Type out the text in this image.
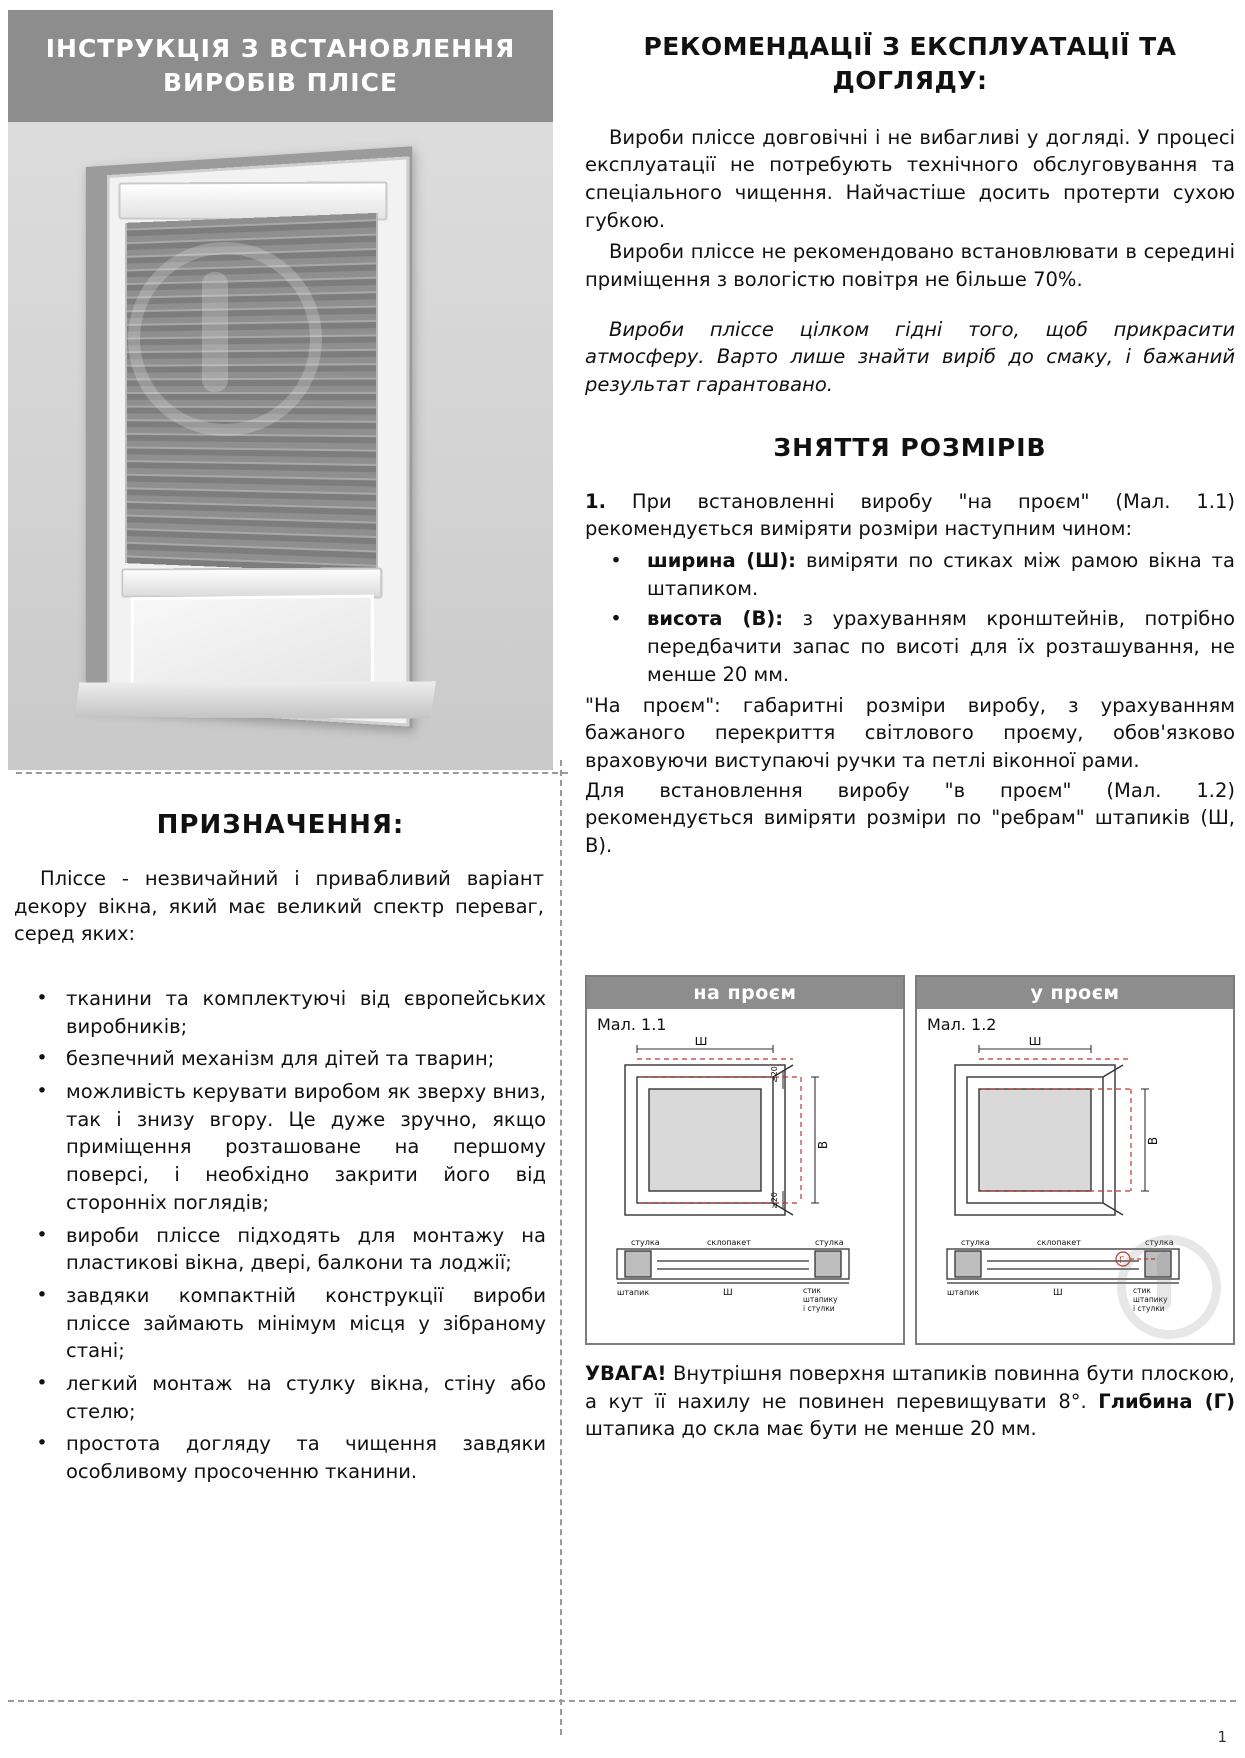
ІНСТРУКЦІЯ З ВСТАНОВЛЕННЯ ВИРОБІВ ПЛІСЕ
ПРИЗНАЧЕННЯ:
Пліссе - незвичайний і привабливий варіант декору вікна, який має великий спектр переваг, серед яких:
• тканини та комплектуючі від європейських виробників;
• безпечний механізм для дітей та тварин;
• можливість керувати виробом як зверху вниз, так і знизу вгору. Це дуже зручно, якщо приміщення розташоване на першому поверсі, і необхідно закрити його від сторонніх поглядів;
• вироби пліссе підходять для монтажу на пластикові вікна, двері, балкони та лоджії;
• завдяки компактній конструкції вироби пліссе займають мінімум місця у зібраному стані;
• легкий монтаж на стулку вікна, стіну або стелю;
• простота догляду та чищення завдяки особливому просоченню тканини.
РЕКОМЕНДАЦІЇ З ЕКСПЛУАТАЦІЇ ТА ДОГЛЯДУ:
Вироби пліссе довговічні і не вибагливі у догляді. У процесі експлуатації не потребують технічного обслуговування та спеціального чищення. Найчастіше досить протерти сухою губкою.
Вироби пліссе не рекомендовано встановлювати в середині приміщення з вологістю повітря не більше 70%.
Вироби пліссе цілком гідні того, щоб прикрасити атмосферу. Варто лише знайти виріб до смаку, і бажаний результат гарантовано.
ЗНЯТТЯ РОЗМІРІВ
1. При встановленні виробу "на проєм" (Мал. 1.1) рекомендується виміряти розміри наступним чином:
•	ширина (Ш): виміряти по стиках між рамою вікна та штапиком.
•	висота (В): з урахуванням кронштейнів, потрібно передбачити запас по висоті для їх розташування, не менше 20 мм.
"На проєм": габаритні розміри виробу, з урахуванням бажаного перекриття світлового проєму, обов'язково враховуючи виступаючі ручки та петлі віконної рами.
Для встановлення виробу "в проєм" (Мал. 1.2) рекомендується виміряти розміри по "ребрам" штапиків (Ш, В).
на проєм
Мал. 1.1
Ш
В
≥20
≥20
стулка	склопакет	стулка
штапик	Ш	стик
штапику
і стулки
у проєм
Мал. 1.2
Ш
В
Г
стулка	склопакет	стулка
штапик	Ш	стик
штапику
і стулки
УВАГА! Внутрішня поверхня штапиків повинна бути плоскою, а кут її нахилу не повинен перевищувати 8°. Глибина (Г) штапика до скла має бути не менше 20 мм.
1
